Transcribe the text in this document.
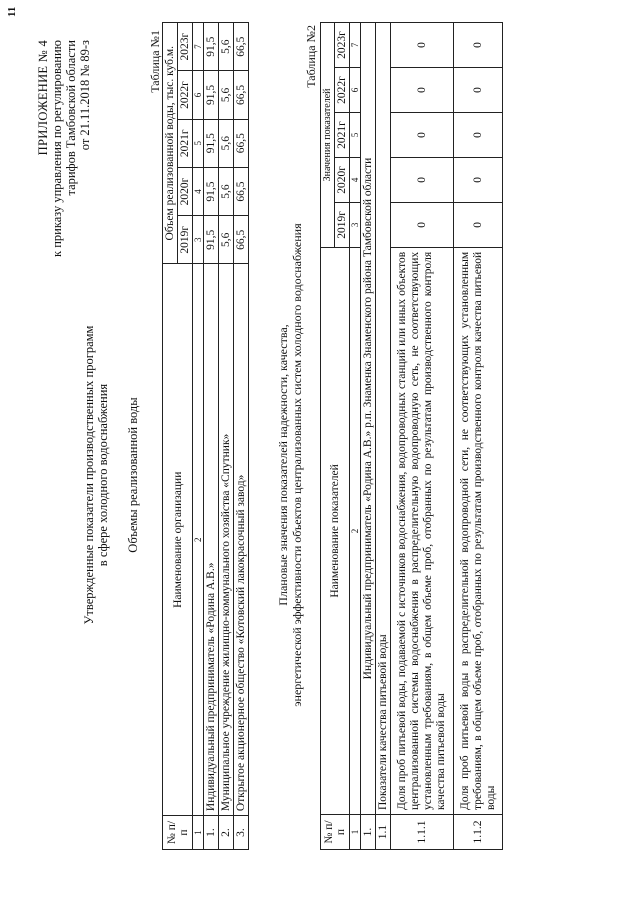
11
ПРИЛОЖЕНИЕ № 4 к приказу управления по регулированию тарифов Тамбовской области от 21.11.2018 № 89-з
Утвержденные показатели производственных программ в сфере холодного водоснабжения Объемы реализованной воды
Таблица №1
№ п/п	Наименование организации	Объем реализованной воды, тыс. куб.м.				
		2019г	2020г	2021г	2022г	2023г
1	2	3	4	5	6	7
1.	Индивидуальный предприниматель «Родина А.В.»	91,5	91,5	91,5	91,5	91,5
2.	Муниципальное учреждение жилищно-коммунального хозяйства «Спутник»	5,6	5,6	5,6	5,6	5,6
3.	Открытое акционерное общество «Котовский лакокрасочный завод»	66,5	66,5	66,5	66,5	66,5
Плановые значения показателей надежности, качества, энергетической эффективности объектов централизованных систем холодного водоснабжения
Таблица №2
№ п/п	Наименование показателей	Значения показателей				
		2019г	2020г	2021г	2022г	2023г
1	2	3	4	5	6	7
1.	Индивидуальный предприниматель «Родина А.В.» р.п. Знаменка Знаменского района Тамбовской области					
1.1	Показатели качества питьевой воды					
1.1.1	Доля проб питьевой воды, подаваемой с источников водоснабжения, водопроводных станций или иных объектов централизованной системы водоснабжения в распределительную водопроводную сеть, не соответствующих установленным требованиям, в общем объеме проб, отобранных по результатам производственного контроля качества питьевой воды	0	0	0	0	0
1.1.2	Доля проб питьевой воды в распределительной водопроводной сети, не соответствующих установленным требованиям, в общем объеме проб, отобранных по результатам производственного контроля качества питьевой воды	0	0	0	0	0
